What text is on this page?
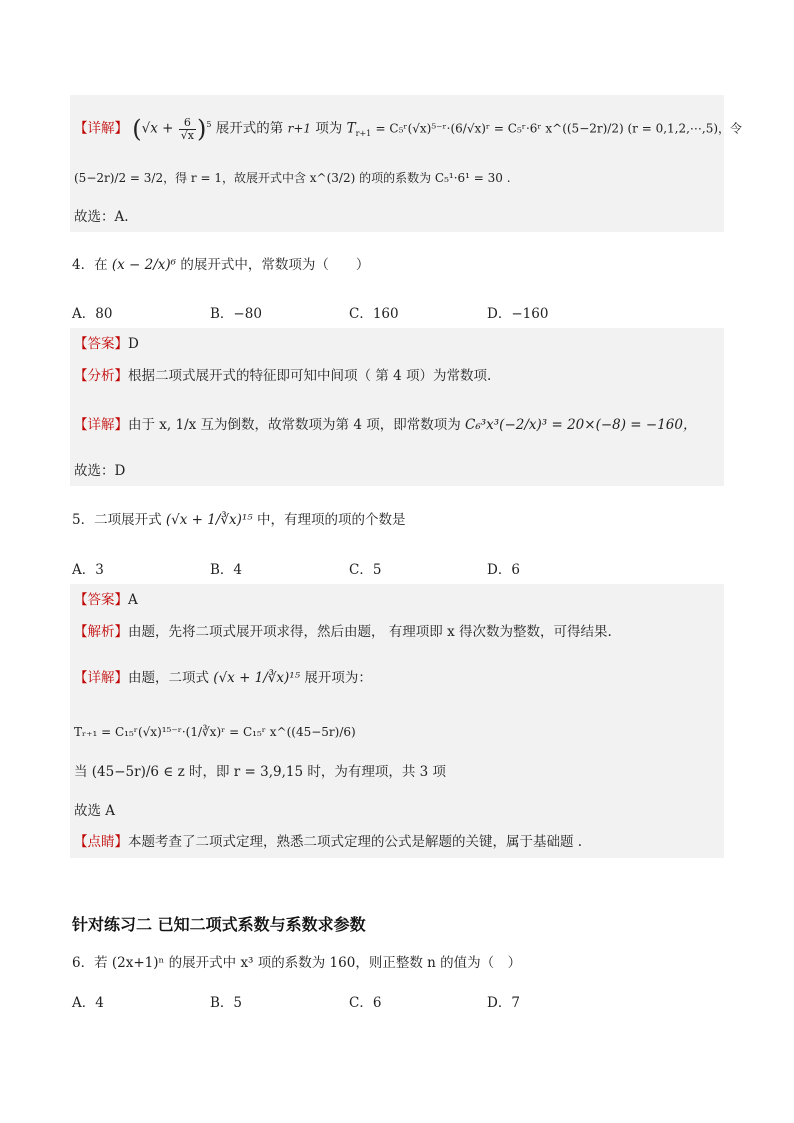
【详解】 $(√x + \frac{6}{√x} )^5$ 展开式的第 r+1 项为 $T_{r+1}$ = C₅ʳ(√x)⁵⁻ʳ·(6/√x)ʳ = C₅ʳ·6ʳ x^((5−2r)/2) (r = 0,1,2,⋯,5)，令
(5−2r)/2 = 3/2，得 r = 1，故展开式中含 x^(3/2) 的项的系数为 C₅¹·6¹ = 30 .
故选：A.
4．在 (x − 2/x)⁶ 的展开式中，常数项为（　　）
A．80	B．−80	C．160	D．−160
【答案】D
【分析】根据二项式展开式的特征即可知中间项（ 第 4 项）为常数项.
【详解】由于 x, 1/x 互为倒数，故常数项为第 4 项，即常数项为 C₆³x³(−2/x)³ = 20×(−8) = −160，
故选：D
5．二项展开式 (√x + 1/∛x)¹⁵ 中，有理项的项的个数是
A．3	B．4	C．5	D．6
【答案】A
【解析】由题，先将二项式展开项求得，然后由题， 有理项即 x 得次数为整数，可得结果.
【详解】由题，二项式 (√x + 1/∛x)¹⁵ 展开项为：
Tᵣ₊₁ = C₁₅ʳ(√x)¹⁵⁻ʳ·(1/∛x)ʳ = C₁₅ʳ x^((45−5r)/6)
当 (45−5r)/6 ∈ z 时，即 r = 3,9,15 时，为有理项，共 3 项
故选 A
【点睛】本题考查了二项式定理，熟悉二项式定理的公式是解题的关键，属于基础题 .
针对练习二 已知二项式系数与系数求参数
6．若 (2x+1)ⁿ 的展开式中 x³ 项的系数为 160，则正整数 n 的值为（　）
A．4	B．5	C．6	D．7
